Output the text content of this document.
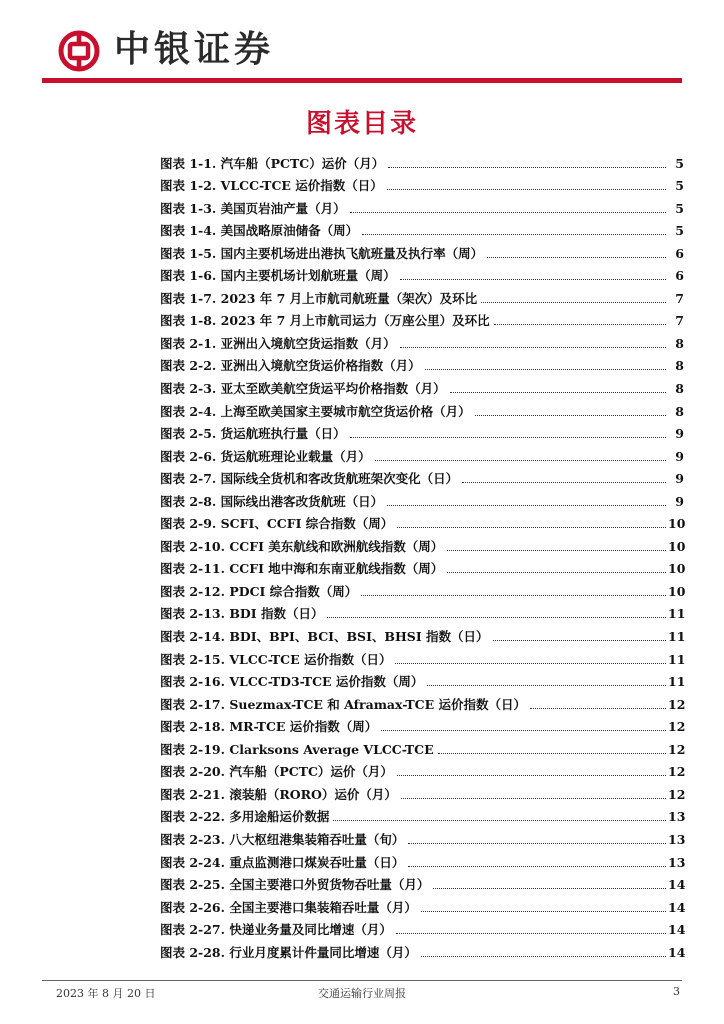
中银证券
图表目录
图表 1-1. 汽车船（PCTC）运价（月）	5
图表 1-2. VLCC-TCE 运价指数（日）	5
图表 1-3. 美国页岩油产量（月）	5
图表 1-4. 美国战略原油储备（周）	5
图表 1-5. 国内主要机场进出港执飞航班量及执行率（周）	6
图表 1-6. 国内主要机场计划航班量（周）	6
图表 1-7. 2023 年 7 月上市航司航班量（架次）及环比	7
图表 1-8. 2023 年 7 月上市航司运力（万座公里）及环比	7
图表 2-1. 亚洲出入境航空货运指数（月）	8
图表 2-2. 亚洲出入境航空货运价格指数（月）	8
图表 2-3. 亚太至欧美航空货运平均价格指数（月）	8
图表 2-4. 上海至欧美国家主要城市航空货运价格（月）	8
图表 2-5. 货运航班执行量（日）	9
图表 2-6. 货运航班理论业载量（月）	9
图表 2-7. 国际线全货机和客改货航班架次变化（日）	9
图表 2-8. 国际线出港客改货航班（日）	9
图表 2-9. SCFI、CCFI 综合指数（周）	10
图表 2-10. CCFI 美东航线和欧洲航线指数（周）	10
图表 2-11. CCFI 地中海和东南亚航线指数（周）	10
图表 2-12. PDCI 综合指数（周）	10
图表 2-13. BDI 指数（日）	11
图表 2-14. BDI、BPI、BCI、BSI、BHSI 指数（日）	11
图表 2-15. VLCC-TCE 运价指数（日）	11
图表 2-16. VLCC-TD3-TCE 运价指数（周）	11
图表 2-17. Suezmax-TCE 和 Aframax-TCE 运价指数（日）	12
图表 2-18. MR-TCE 运价指数（周）	12
图表 2-19. Clarksons Average VLCC-TCE	12
图表 2-20. 汽车船（PCTC）运价（月）	12
图表 2-21. 滚装船（RORO）运价（月）	12
图表 2-22. 多用途船运价数据	13
图表 2-23. 八大枢纽港集装箱吞吐量（旬）	13
图表 2-24. 重点监测港口煤炭吞吐量（日）	13
图表 2-25. 全国主要港口外贸货物吞吐量（月）	14
图表 2-26. 全国主要港口集装箱吞吐量（月）	14
图表 2-27. 快递业务量及同比增速（月）	14
图表 2-28. 行业月度累计件量同比增速（月）	14
2023 年 8 月 20 日	交通运输行业周报	3
